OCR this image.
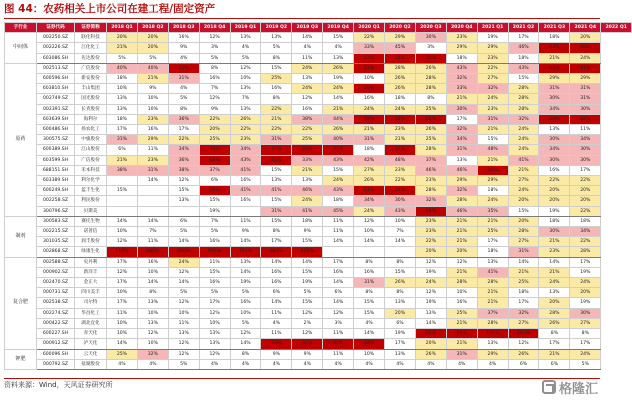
图 44：农药相关上市公司在建工程/固定资产
子行业	证券代码	证券简称	2018 Q1	2018 Q2	2018 Q3	2018 Q4	2019 Q1	2019 Q2	2019 Q3	2019 Q4	2020 Q1	2020 Q2	2020 Q3	2020 Q4	2021 Q1	2021 Q2	2021 Q3	2021 Q4	2022 Q1
中间体	002250.SZ	联化科技	20%	20%	16%	12%	13%	13%	14%	15%	22%	29%	30%	23%	19%	17%	18%	20%	
	002226.SZ	江化化工	21%	20%	9%	3%	4%	5%	4%	4%	33%	45%	3%	29%	29%	46%	52%	60%	
	603086.SH	先达股份	5%	5%	4%	5%	5%	8%	11%	13%	52%	72%	70%	18%	23%	18%	21%	24%	
原药	002513.SZ	广信股份	40%	40%	52%	8%	12%	15%	24%	26%	51%	28%	26%	43%	22%	43%	81%	81%	
	600596.SH	新安股份	18%	21%	31%	16%	10%	25%	13%	19%	10%	26%	28%	32%	27%	15%	29%	29%	
	603810.SH	丰山集团	10%	9%	4%	7%	13%	16%	24%	24%	59%	26%	28%	33%	32%	28%	31%	31%	
	002749.SZ	国光股份	13%	10%	5%	12%	7%	8%	12%	14%	16%	18%	8%	21%	24%	28%	30%	31%	
	002391.SZ	长青股份	13%	10%	8%	9%	13%	22%	16%	21%	24%	24%	25%	30%	23%	28%	34%	30%	
	603639.SH	海利尔	18%	23%	36%	22%	26%	21%	38%	44%	52%	59%	62%	17%	31%	32%	80%	88%	
	600486.SH	扬农化工	17%	16%	17%	20%	22%	22%	22%	26%	21%	23%	26%	32%	21%	24%	13%	11%	
	300575.SZ	中旗股份	31%	29%	22%	25%	23%	31%	25%	40%	31%	21%	25%	34%	15%	24%	30%	34%	
	600389.SH	江山股份	6%	11%	34%	74%	34%	71%	83%	71%	18%	71%	28%	31%	48%	24%	34%	30%	
	603599.SH	广信股份	21%	23%	36%	68%	43%	65%	33%	43%	42%	48%	37%	13%	21%	41%	30%	30%	
	688151.SH	禾本科技	38%	31%	38%	37%	41%	15%	21%	15%	27%	23%	46%	46%	96%	21%	16%	17%	
	603389.SH	利尔化学		14%	12%	6%	16%	13%	13%	24%	26%	22%	23%	29%	29%	27%	22%	22%	
	600249.SH	蓝丰生化	15%		15%	56%	41%	41%	46%	43%	51%	51%	28%	32%	18%	24%	20%	20%	
	002258.SZ	利民股份			13%	15%	16%	15%	24%	18%	34%	30%	32%	28%	24%	20%	20%	20%	
	300796.SZ	贝斯美				19%		31%	41%	45%	24%	43%	58%	46%	35%	15%	19%	22%	
制剂	300583.SZ	赛托生物	14%	14%	6%	7%	11%	15%	18%	11%	12%	10%	23%	21%	21%	20%	18%	18%	
	002215.SZ	诺普信	10%	7%	5%	5%	9%	8%	9%	11%	10%	7%	23%	21%	25%	28%	30%	34%	
	301035.SZ	润丰股份	12%	11%	14%	16%	14%	17%	15%	14%	14%	14%	22%	21%	17%	27%	21%	22%	
	002868.SZ	绿康生化	516%	686%	880%	696%	791%	884%	892%				20%	20%	18%	31%	23%	28%	
复合肥	002588.SZ	史丹利	17%	16%	24%	11%	13%	14%	14%	17%	8%	8%	12%	12%	13%	14%	14%	17%	
	000902.SZ	新洋丰	12%	10%	12%	15%	14%	16%	15%	16%	16%	15%	19%	21%	41%	21%	21%	19%	
	002470.SZ	金正大	17%	14%	14%	16%	19%	16%	19%	14%	31%	26%	24%	28%	28%	25%	24%	24%	
	000731.SZ	四川美丰	10%	8%	5%	5%	5%	6%	5%	6%	8%	8%	12%	10%	21%	18%	13%	20%	
	002538.SZ	司尔特	17%	13%	12%	17%	16%	14%	15%	14%	15%	13%	19%	16%	21%	17%	20%	19%	
	002274.SZ	华昌化工	11%	10%	10%	12%	10%	11%	12%	12%	15%	20%	13%	25%	37%	32%	28%	30%	
	000422.SZ	湖北宜化	10%	13%	11%	10%	5%	4%	2%	3%	4%	6%	14%	21%	28%	27%	26%	27%	
	600227.SH	赤天化	10%	12%	13%	13%	12%	11%	12%	11%	14%	19%	92%	94%	104%	107%	8%	8%	
	000912.SZ	泸天化	14%	10%	12%	13%	14%	53%	81%	92%	68%	17%	20%	21%	13%	12%	17%	17%	
钾肥	600096.SH	云天化	25%	32%	12%	12%	8%	9%	9%	11%	10%	13%	26%	31%	29%	26%	21%	24%	
	000792.SZ	盐湖股份	4%	4%	5%	4%	4%	4%	4%	4%	4%	4%	4%	4%	4%	6%	6%	5%	
资料来源：Wind，天风证券研究所	格隆汇
